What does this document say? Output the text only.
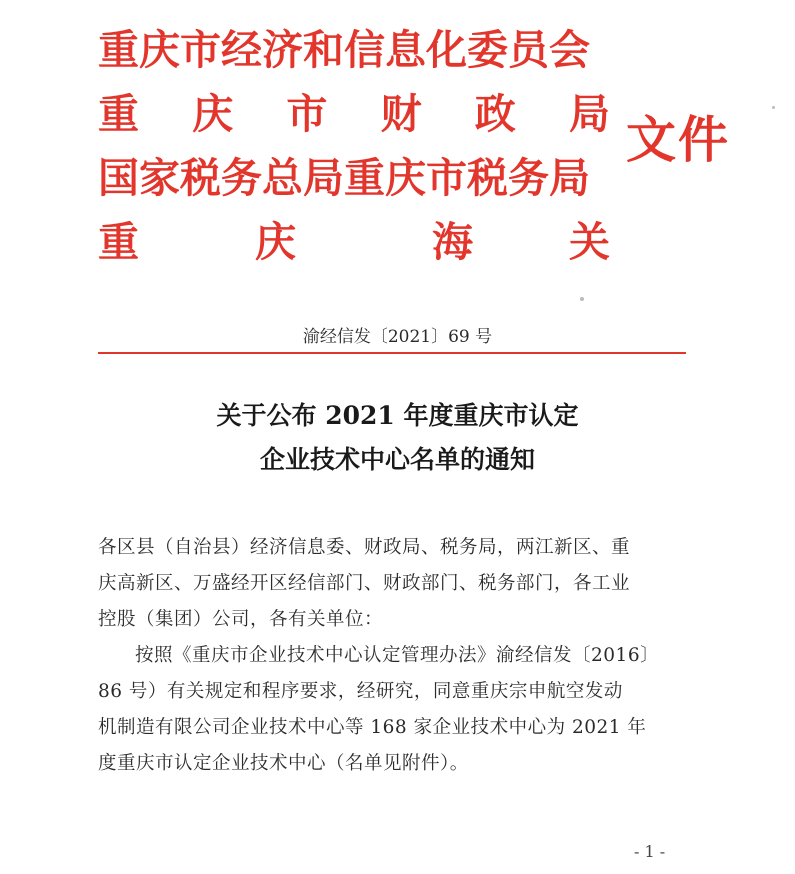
重庆市经济和信息化委员会
重 庆 市 财 政 局
国家税务总局重庆市税务局
重	庆	海 关
文件
渝经信发〔2021〕69 号
关于公布 2021 年度重庆市认定
企业技术中心名单的通知

各区县（自治县）经济信息委、财政局、税务局，两江新区、重
庆高新区、万盛经开区经信部门、财政部门、税务部门，各工业
控股（集团）公司，各有关单位：

按照《重庆市企业技术中心认定管理办法》渝经信发〔2016〕
86 号）有关规定和程序要求，经研究，同意重庆宗申航空发动
机制造有限公司企业技术中心等 168 家企业技术中心为 2021 年
度重庆市认定企业技术中心（名单见附件）。

- 1 -
